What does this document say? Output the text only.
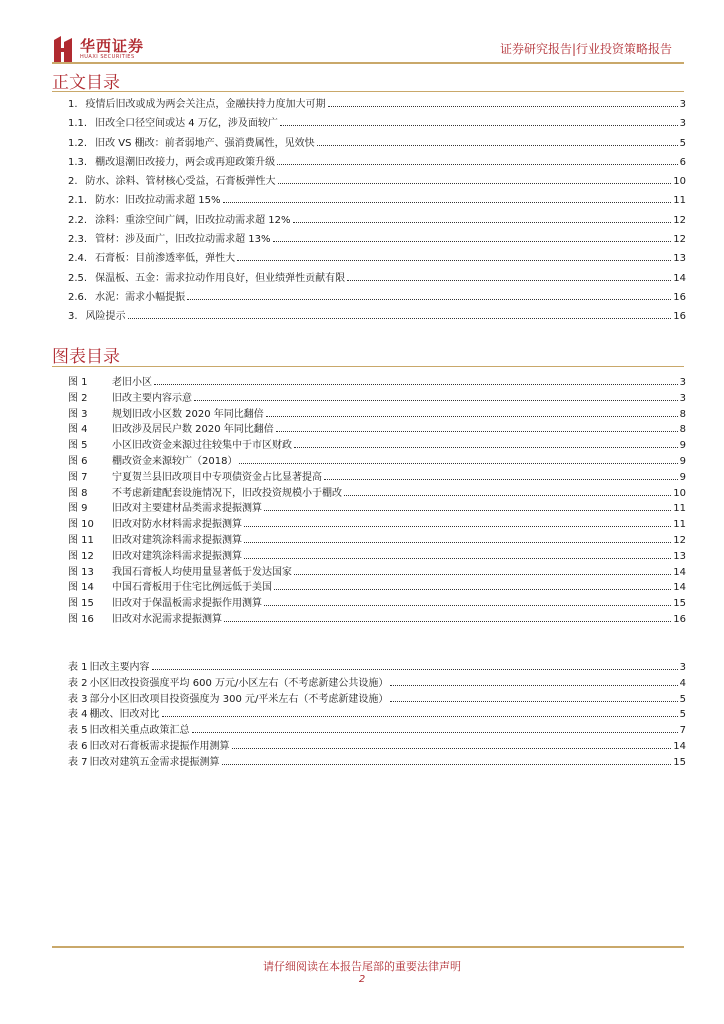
华西证券
HUAXI SECURITIES
证券研究报告|行业投资策略报告
正文目录
1. 疫情后旧改或成为两会关注点，金融扶持力度加大可期	3
1.1. 旧改全口径空间或达 4 万亿，涉及面较广	3
1.2. 旧改 VS 棚改：前者弱地产、强消费属性，见效快	5
1.3. 棚改退潮旧改接力，两会或再迎政策升级	6
2. 防水、涂料、管材核心受益，石膏板弹性大	10
2.1. 防水：旧改拉动需求超 15%	11
2.2. 涂料：重涂空间广阔，旧改拉动需求超 12%	12
2.3. 管材：涉及面广，旧改拉动需求超 13%	12
2.4. 石膏板：目前渗透率低，弹性大	13
2.5. 保温板、五金：需求拉动作用良好，但业绩弹性贡献有限	14
2.6. 水泥：需求小幅提振	16
3. 风险提示	16
图表目录
图 1	老旧小区	3
图 2	旧改主要内容示意	3
图 3	规划旧改小区数 2020 年同比翻倍	8
图 4	旧改涉及居民户数 2020 年同比翻倍	8
图 5	小区旧改资金来源过往较集中于市区财政	9
图 6	棚改资金来源较广（2018）	9
图 7	宁夏贺兰县旧改项目中专项债资金占比显著提高	9
图 8	不考虑新建配套设施情况下，旧改投资规模小于棚改	10
图 9	旧改对主要建材品类需求提振测算	11
图 10	旧改对防水材料需求提振测算	11
图 11	旧改对建筑涂料需求提振测算	12
图 12	旧改对建筑涂料需求提振测算	13
图 13	我国石膏板人均使用量显著低于发达国家	14
图 14	中国石膏板用于住宅比例远低于美国	14
图 15	旧改对于保温板需求提振作用测算	15
图 16	旧改对水泥需求提振测算	16
表 1 旧改主要内容	3
表 2 小区旧改投资强度平均 600 万元/小区左右（不考虑新建公共设施）	4
表 3 部分小区旧改项目投资强度为 300 元/平米左右（不考虑新建设施）	5
表 4 棚改、旧改对比	5
表 5 旧改相关重点政策汇总	7
表 6 旧改对石膏板需求提振作用测算	14
表 7 旧改对建筑五金需求提振测算	15
请仔细阅读在本报告尾部的重要法律声明
2
